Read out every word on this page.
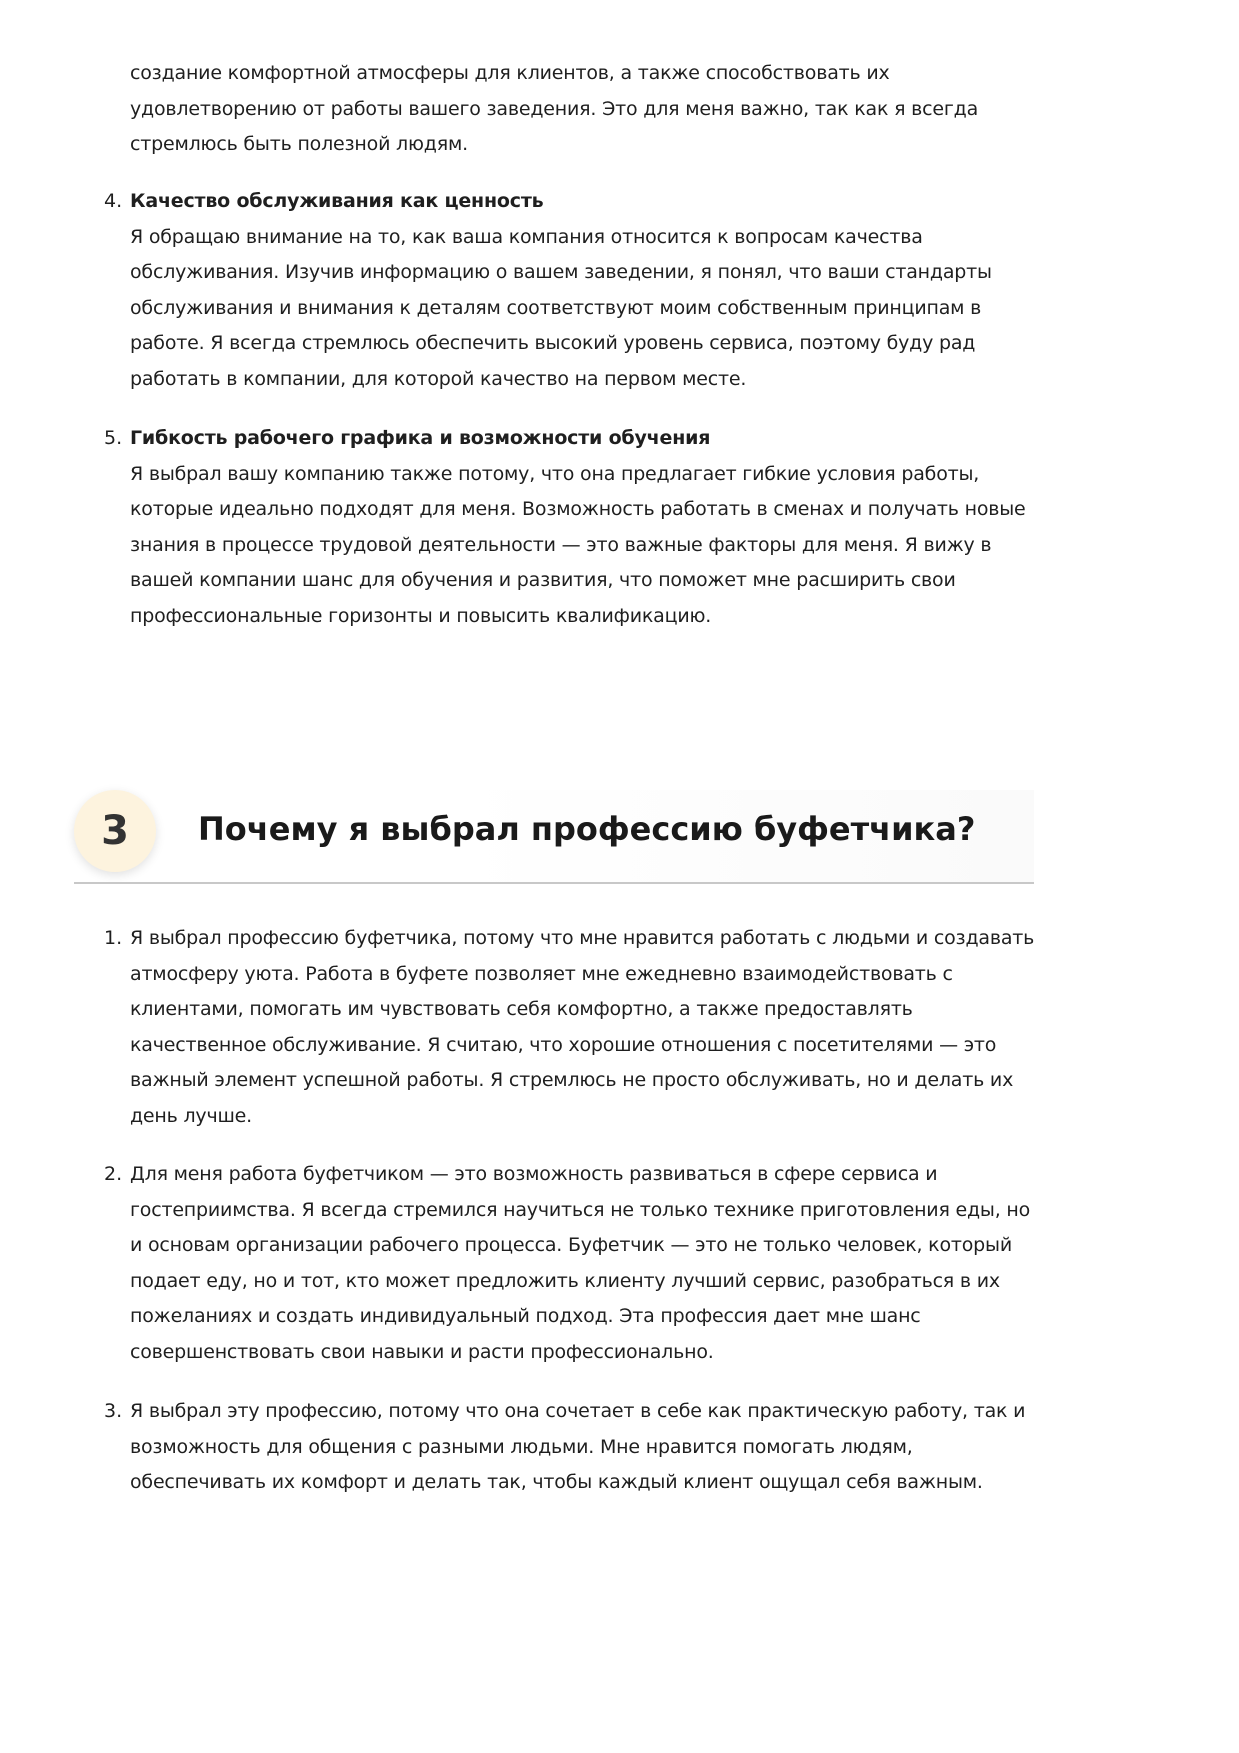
создание комфортной атмосферы для клиентов, а также способствовать их удовлетворению от работы вашего заведения. Это для меня важно, так как я всегда стремлюсь быть полезной людям.

4. Качество обслуживания как ценность
Я обращаю внимание на то, как ваша компания относится к вопросам качества обслуживания. Изучив информацию о вашем заведении, я понял, что ваши стандарты обслуживания и внимания к деталям соответствуют моим собственным принципам в работе. Я всегда стремлюсь обеспечить высокий уровень сервиса, поэтому буду рад работать в компании, для которой качество на первом месте.
5. Гибкость рабочего графика и возможности обучения
Я выбрал вашу компанию также потому, что она предлагает гибкие условия работы, которые идеально подходят для меня. Возможность работать в сменах и получать новые знания в процессе трудовой деятельности — это важные факторы для меня. Я вижу в вашей компании шанс для обучения и развития, что поможет мне расширить свои профессиональные горизонты и повысить квалификацию.
3	Почему я выбрал профессию буфетчика?
1. Я выбрал профессию буфетчика, потому что мне нравится работать с людьми и создавать атмосферу уюта. Работа в буфете позволяет мне ежедневно взаимодействовать с клиентами, помогать им чувствовать себя комфортно, а также предоставлять качественное обслуживание. Я считаю, что хорошие отношения с посетителями — это важный элемент успешной работы. Я стремлюсь не просто обслуживать, но и делать их день лучше.
2. Для меня работа буфетчиком — это возможность развиваться в сфере сервиса и гостеприимства. Я всегда стремился научиться не только технике приготовления еды, но и основам организации рабочего процесса. Буфетчик — это не только человек, который подает еду, но и тот, кто может предложить клиенту лучший сервис, разобраться в их пожеланиях и создать индивидуальный подход. Эта профессия дает мне шанс совершенствовать свои навыки и расти профессионально.
3. Я выбрал эту профессию, потому что она сочетает в себе как практическую работу, так и возможность для общения с разными людьми. Мне нравится помогать людям, обеспечивать их комфорт и делать так, чтобы каждый клиент ощущал себя важным.
